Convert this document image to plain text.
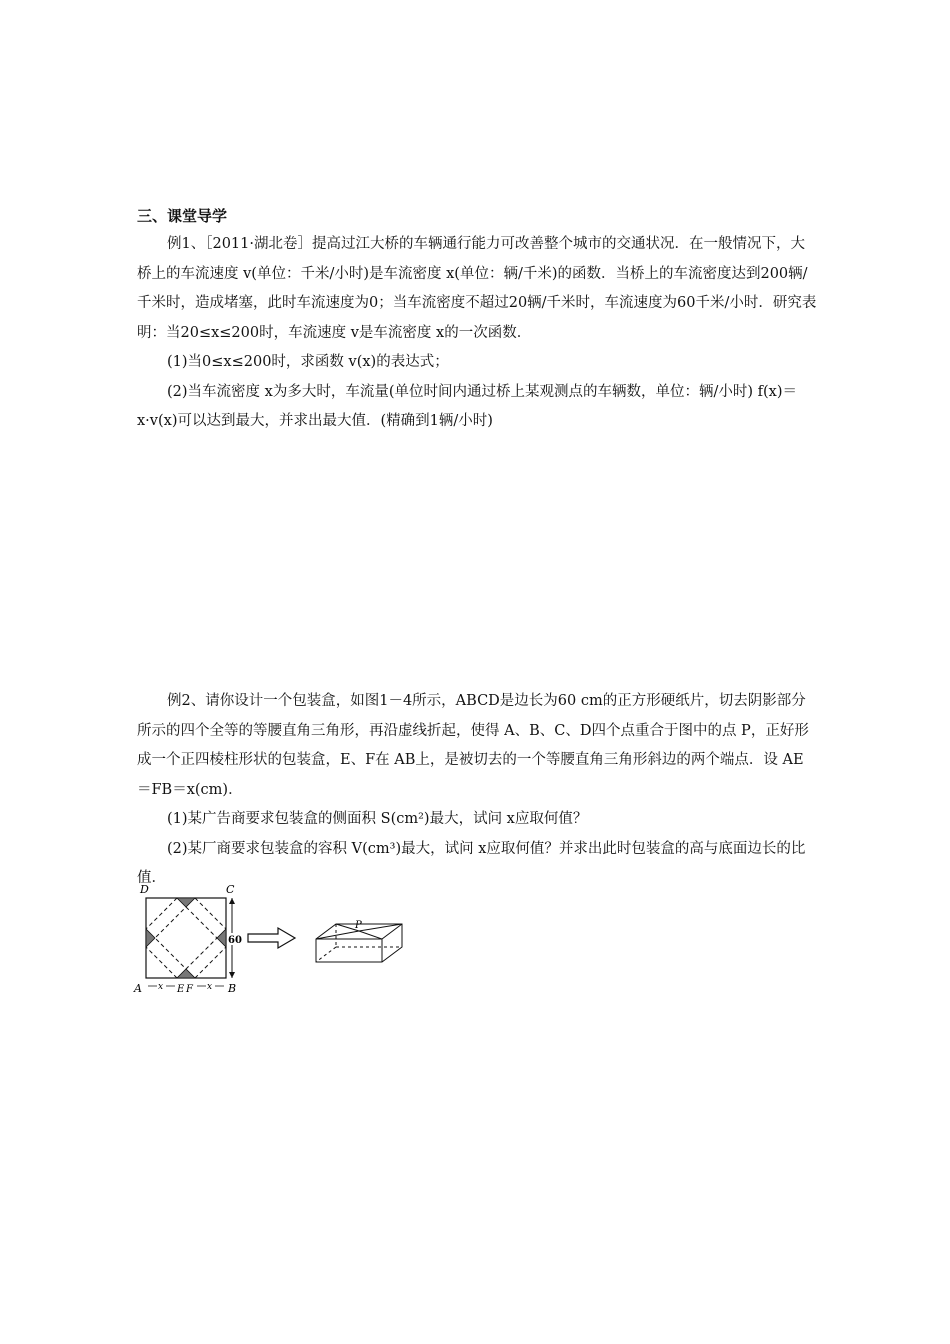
三、课堂导学

例1、［2011·湖北卷］提高过江大桥的车辆通行能力可改善整个城市的交通状况．在一般情况下，大桥上的车流速度 v(单位：千米/小时)是车流密度 x(单位：辆/千米)的函数．当桥上的车流密度达到200辆/千米时，造成堵塞，此时车流速度为0；当车流密度不超过20辆/千米时，车流速度为60千米/小时．研究表明：当20≤x≤200时，车流速度 v是车流密度 x的一次函数．

(1)当0≤x≤200时，求函数 v(x)的表达式；

(2)当车流密度 x为多大时，车流量(单位时间内通过桥上某观测点的车辆数，单位：辆/小时) f(x)＝x·v(x)可以达到最大，并求出最大值．(精确到1辆/小时)

例2、请你设计一个包装盒，如图1－4所示，ABCD是边长为60 cm的正方形硬纸片，切去阴影部分所示的四个全等的等腰直角三角形，再沿虚线折起，使得 A、B、C、D四个点重合于图中的点 P，正好形成一个正四棱柱形状的包装盒，E、F在 AB上，是被切去的一个等腰直角三角形斜边的两个端点．设 AE＝FB＝x(cm)．

(1)某广告商要求包装盒的侧面积 S(cm²)最大，试问 x应取何值？

(2)某厂商要求包装盒的容积 V(cm³)最大，试问 x应取何值？并求出此时包装盒的高与底面边长的比值．

D	C
A	B
E F
60
x	x
P
